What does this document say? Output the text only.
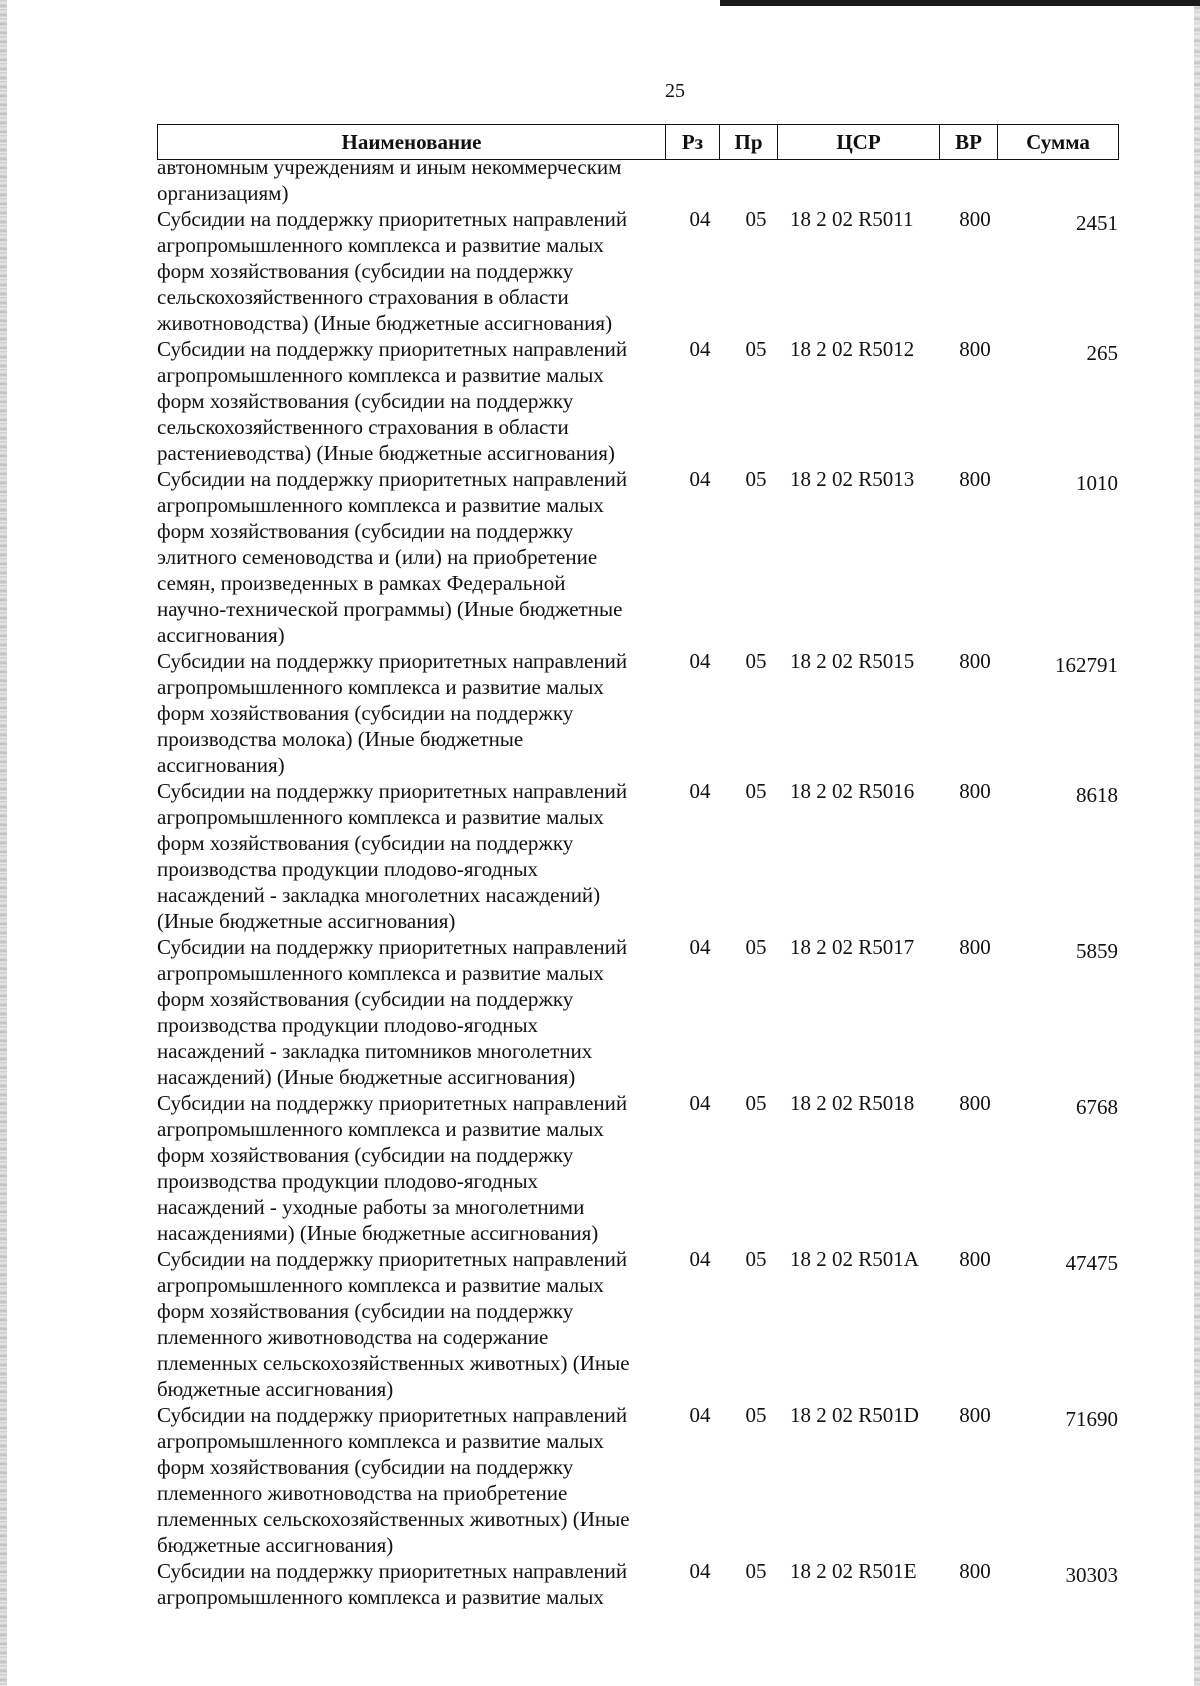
25
Наименование	Рз	Пр	ЦСР	ВР	Сумма
автономным учреждениям и иным некоммерческим
организациям)
Субсидии на поддержку приоритетных направлений
агропромышленного комплекса и развитие малых
форм хозяйствования (субсидии на поддержку
сельскохозяйственного страхования в области
животноводства) (Иные бюджетные ассигнования)
04	05	18 2 02 R5011	800	2451
Субсидии на поддержку приоритетных направлений
агропромышленного комплекса и развитие малых
форм хозяйствования (субсидии на поддержку
сельскохозяйственного страхования в области
растениеводства) (Иные бюджетные ассигнования)
04	05	18 2 02 R5012	800	265
Субсидии на поддержку приоритетных направлений
агропромышленного комплекса и развитие малых
форм хозяйствования (субсидии на поддержку
элитного семеноводства и (или) на приобретение
семян, произведенных в рамках Федеральной
научно-технической программы) (Иные бюджетные
ассигнования)
04	05	18 2 02 R5013	800	1010
Субсидии на поддержку приоритетных направлений
агропромышленного комплекса и развитие малых
форм хозяйствования (субсидии на поддержку
производства молока) (Иные бюджетные
ассигнования)
04	05	18 2 02 R5015	800	162791
Субсидии на поддержку приоритетных направлений
агропромышленного комплекса и развитие малых
форм хозяйствования (субсидии на поддержку
производства продукции плодово-ягодных
насаждений - закладка многолетних насаждений)
(Иные бюджетные ассигнования)
04	05	18 2 02 R5016	800	8618
Субсидии на поддержку приоритетных направлений
агропромышленного комплекса и развитие малых
форм хозяйствования (субсидии на поддержку
производства продукции плодово-ягодных
насаждений - закладка питомников многолетних
насаждений) (Иные бюджетные ассигнования)
04	05	18 2 02 R5017	800	5859
Субсидии на поддержку приоритетных направлений
агропромышленного комплекса и развитие малых
форм хозяйствования (субсидии на поддержку
производства продукции плодово-ягодных
насаждений - уходные работы за многолетними
насаждениями) (Иные бюджетные ассигнования)
04	05	18 2 02 R5018	800	6768
Субсидии на поддержку приоритетных направлений
агропромышленного комплекса и развитие малых
форм хозяйствования (субсидии на поддержку
племенного животноводства на содержание
племенных сельскохозяйственных животных) (Иные
бюджетные ассигнования)
04	05	18 2 02 R501A	800	47475
Субсидии на поддержку приоритетных направлений
агропромышленного комплекса и развитие малых
форм хозяйствования (субсидии на поддержку
племенного животноводства на приобретение
племенных сельскохозяйственных животных) (Иные
бюджетные ассигнования)
04	05	18 2 02 R501D	800	71690
Субсидии на поддержку приоритетных направлений
агропромышленного комплекса и развитие малых
04	05	18 2 02 R501E	800	30303
